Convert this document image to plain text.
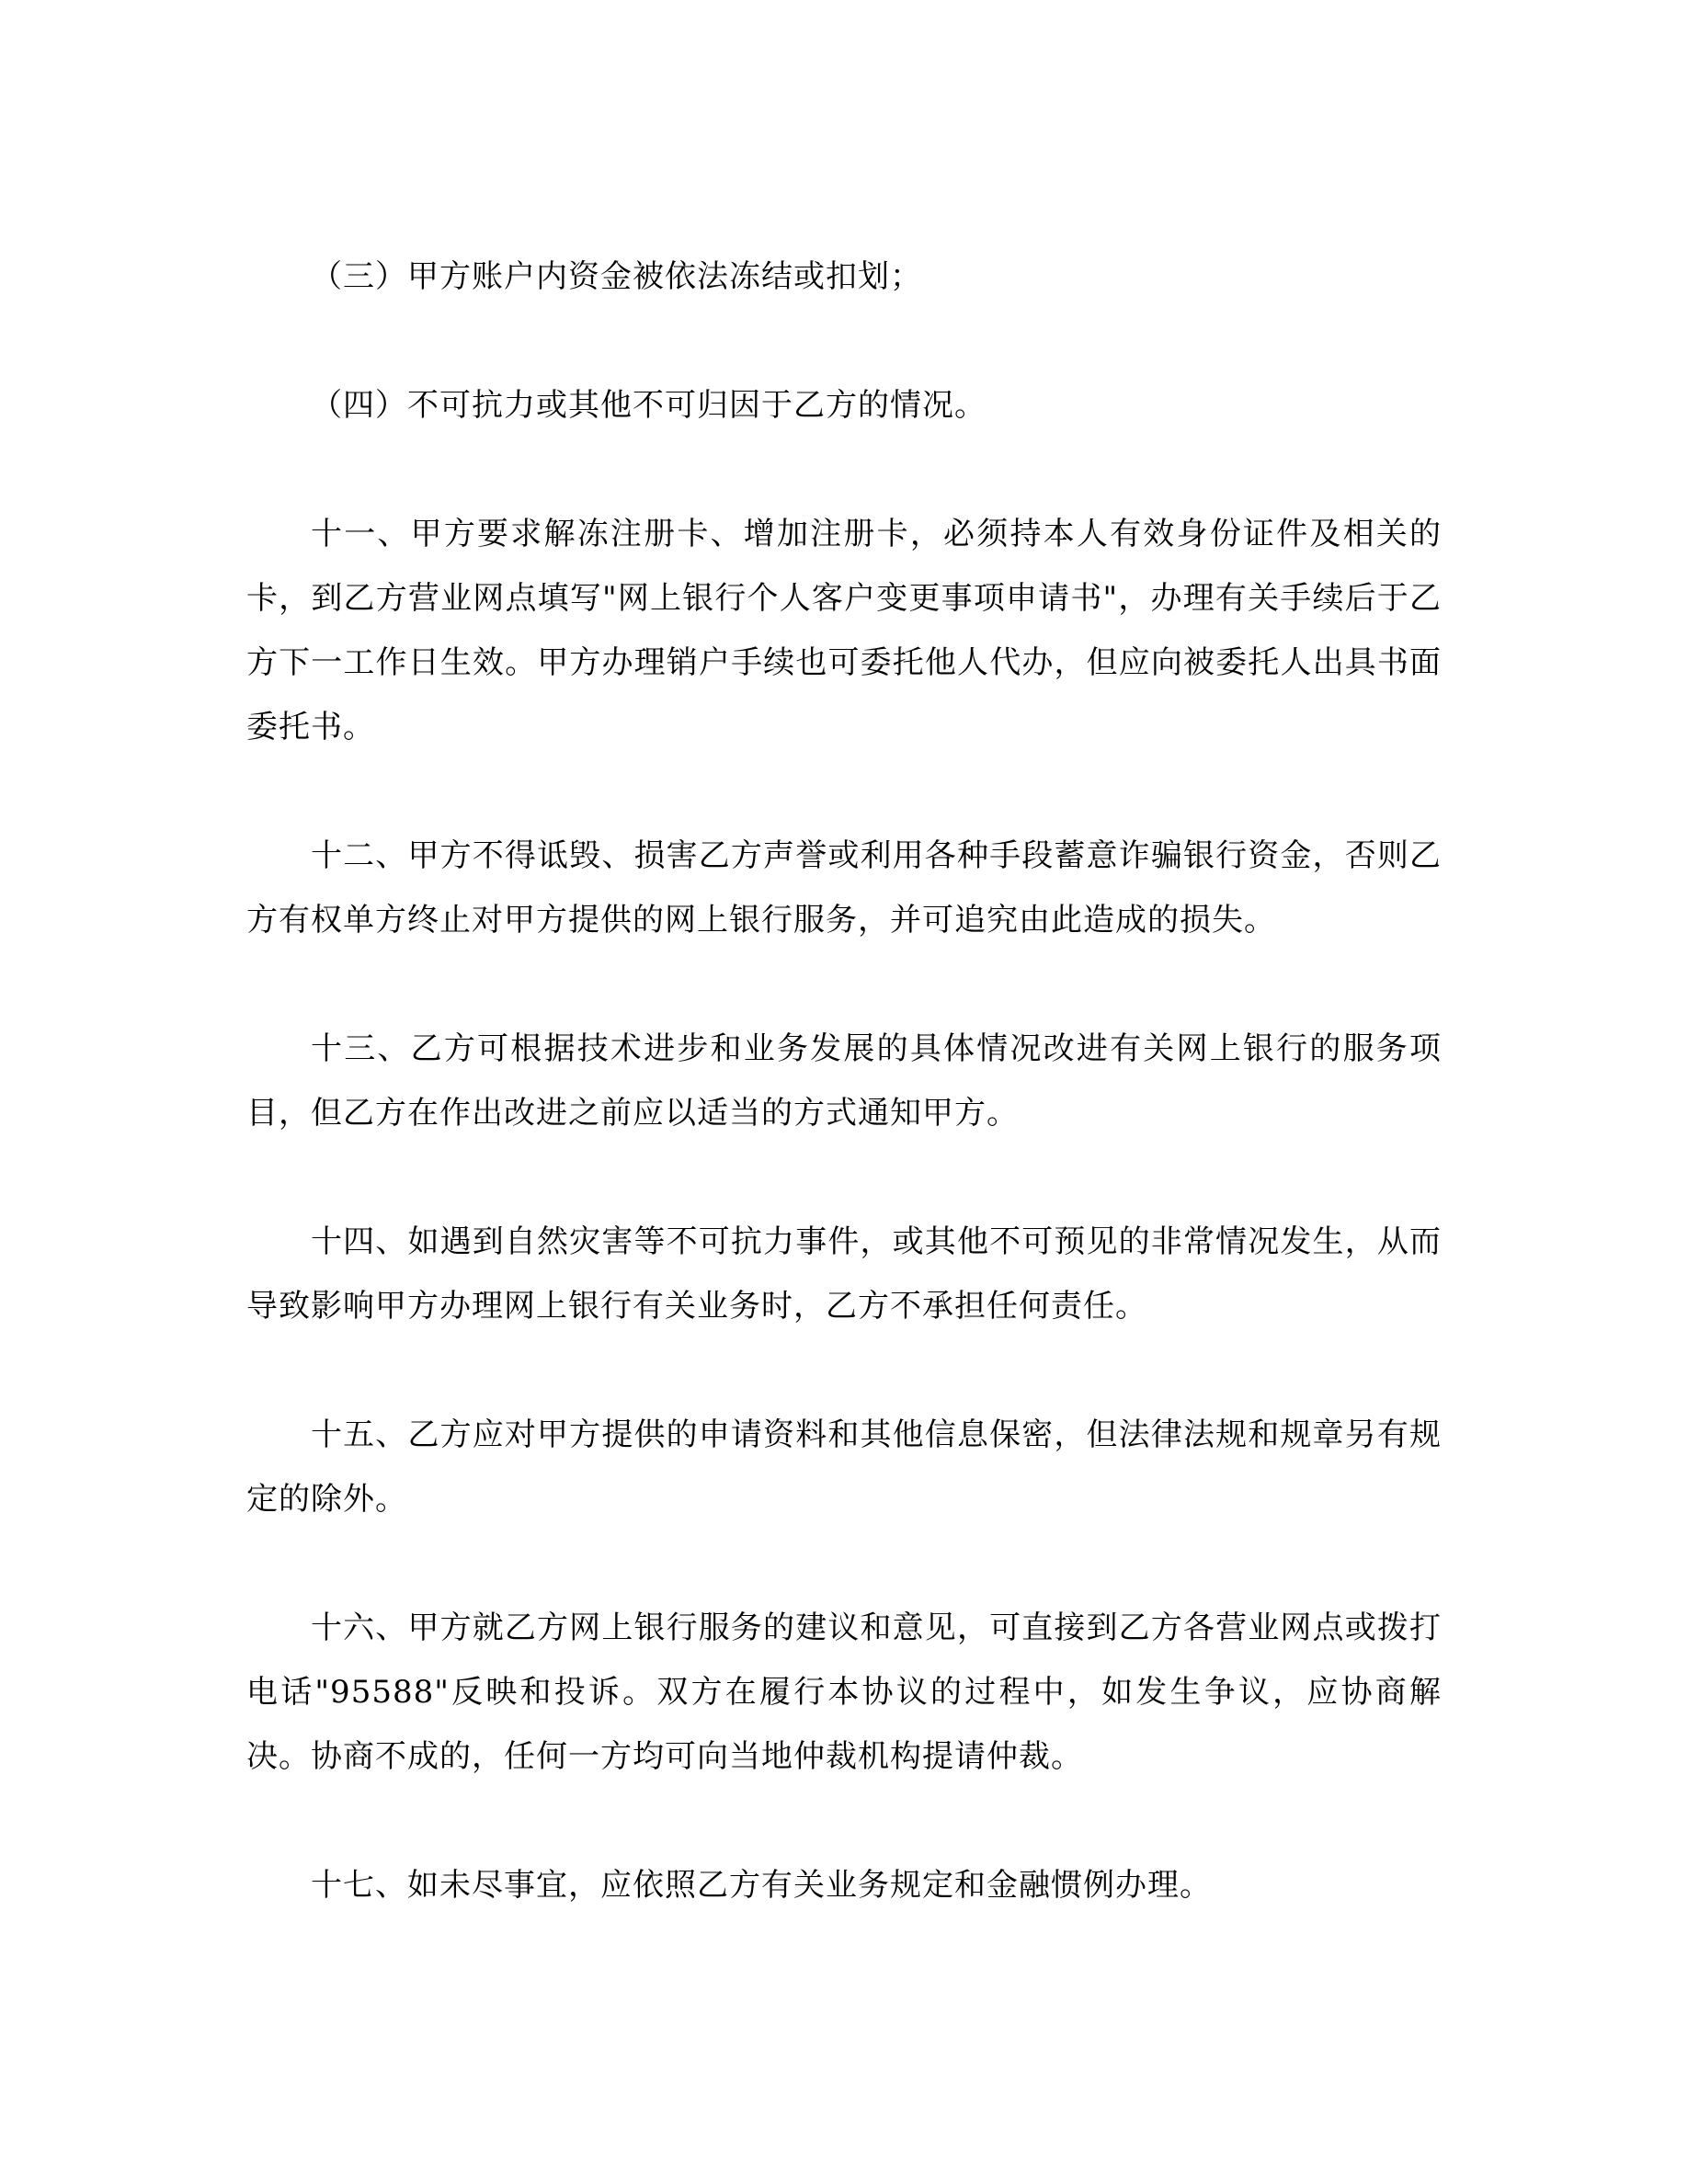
（三）甲方账户内资金被依法冻结或扣划；

（四）不可抗力或其他不可归因于乙方的情况。

十一、甲方要求解冻注册卡、增加注册卡，必须持本人有效身份证件及相关的卡，到乙方营业网点填写"网上银行个人客户变更事项申请书"，办理有关手续后于乙方下一工作日生效。甲方办理销户手续也可委托他人代办，但应向被委托人出具书面委托书。

十二、甲方不得诋毁、损害乙方声誉或利用各种手段蓄意诈骗银行资金，否则乙方有权单方终止对甲方提供的网上银行服务，并可追究由此造成的损失。

十三、乙方可根据技术进步和业务发展的具体情况改进有关网上银行的服务项目，但乙方在作出改进之前应以适当的方式通知甲方。

十四、如遇到自然灾害等不可抗力事件，或其他不可预见的非常情况发生，从而导致影响甲方办理网上银行有关业务时，乙方不承担任何责任。

十五、乙方应对甲方提供的申请资料和其他信息保密，但法律法规和规章另有规定的除外。

十六、甲方就乙方网上银行服务的建议和意见，可直接到乙方各营业网点或拨打电话"95588"反映和投诉。双方在履行本协议的过程中，如发生争议，应协商解决。协商不成的，任何一方均可向当地仲裁机构提请仲裁。

十七、如未尽事宜，应依照乙方有关业务规定和金融惯例办理。
